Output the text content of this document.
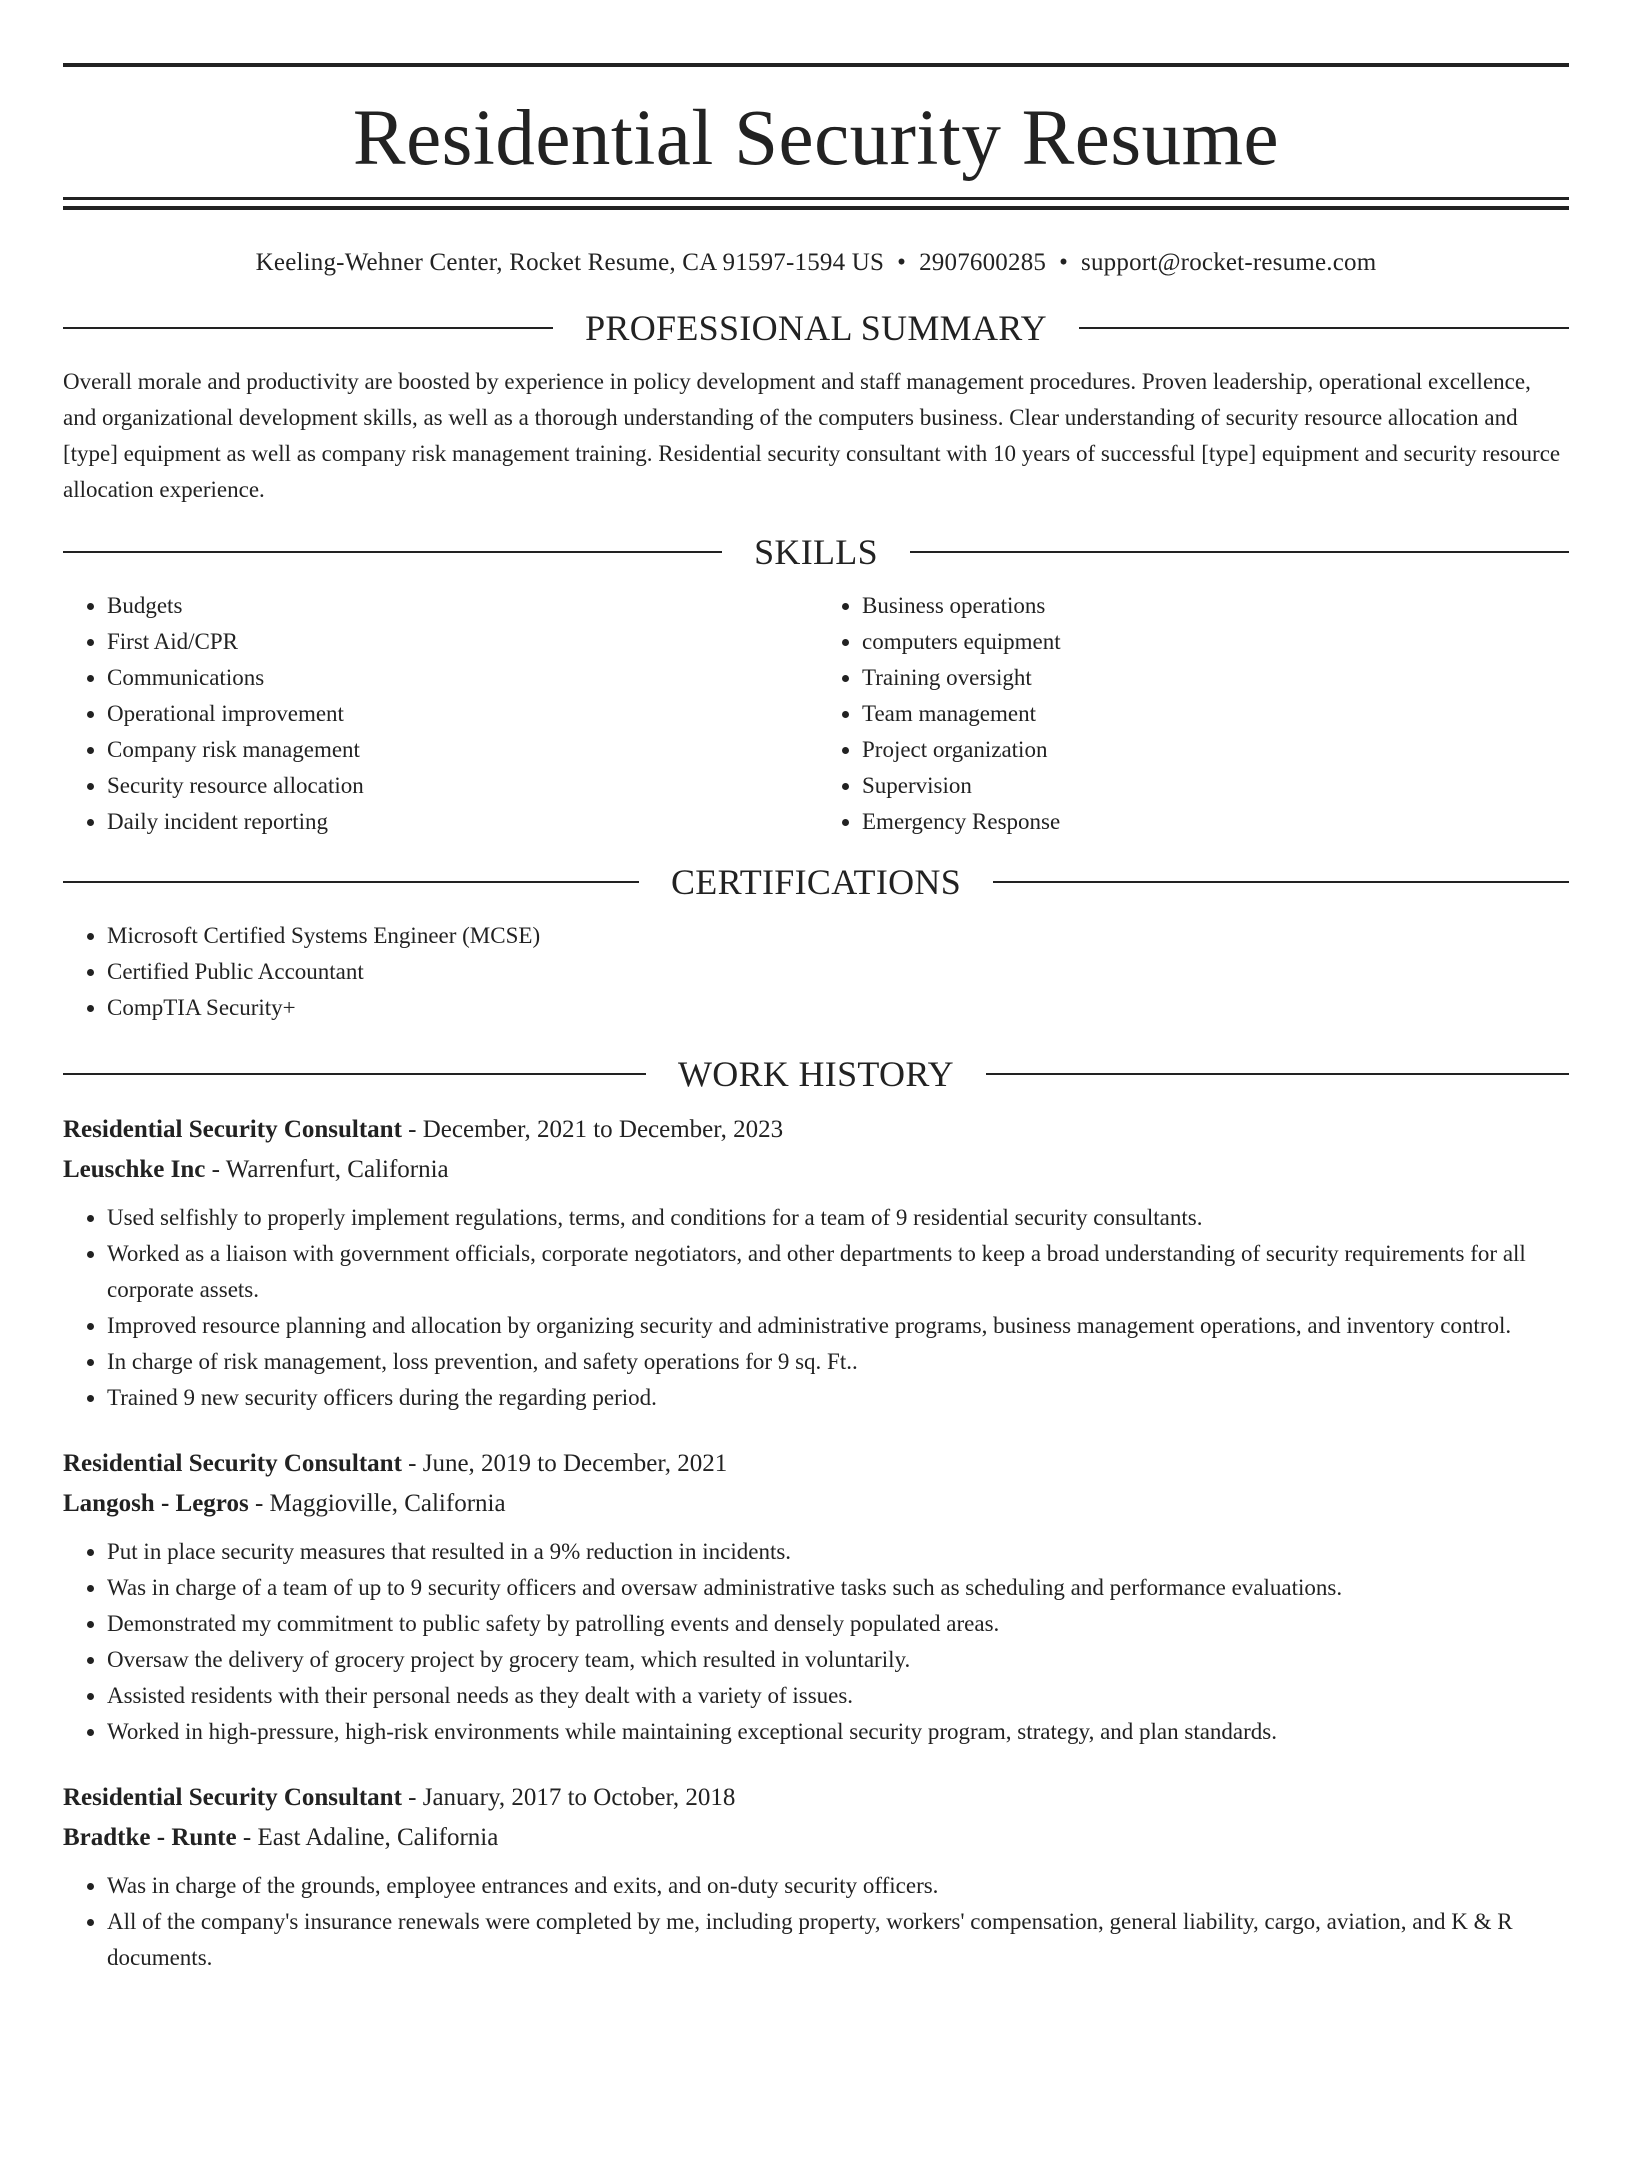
Residential Security Resume
Keeling-Wehner Center, Rocket Resume, CA 91597-1594 US • 2907600285 • support@rocket-resume.com
PROFESSIONAL SUMMARY

Overall morale and productivity are boosted by experience in policy development and staff management procedures. Proven leadership, operational excellence, and organizational development skills, as well as a thorough understanding of the computers business. Clear understanding of security resource allocation and [type] equipment as well as company risk management training. Residential security consultant with 10 years of successful [type] equipment and security resource allocation experience.

SKILLS
• Budgets
• First Aid/CPR
• Communications
• Operational improvement
• Company risk management
• Security resource allocation
• Daily incident reporting
• Business operations
• computers equipment
• Training oversight
• Team management
• Project organization
• Supervision
• Emergency Response
CERTIFICATIONS
• Microsoft Certified Systems Engineer (MCSE)
• Certified Public Accountant
• CompTIA Security+
WORK HISTORY
Residential Security Consultant - December, 2021 to December, 2023
Leuschke Inc - Warrenfurt, California
• Used selfishly to properly implement regulations, terms, and conditions for a team of 9 residential security consultants.
• Worked as a liaison with government officials, corporate negotiators, and other departments to keep a broad understanding of security requirements for all corporate assets.
• Improved resource planning and allocation by organizing security and administrative programs, business management operations, and inventory control.
• In charge of risk management, loss prevention, and safety operations for 9 sq. Ft..
• Trained 9 new security officers during the regarding period.
Residential Security Consultant - June, 2019 to December, 2021
Langosh - Legros - Maggioville, California
• Put in place security measures that resulted in a 9% reduction in incidents.
• Was in charge of a team of up to 9 security officers and oversaw administrative tasks such as scheduling and performance evaluations.
• Demonstrated my commitment to public safety by patrolling events and densely populated areas.
• Oversaw the delivery of grocery project by grocery team, which resulted in voluntarily.
• Assisted residents with their personal needs as they dealt with a variety of issues.
• Worked in high-pressure, high-risk environments while maintaining exceptional security program, strategy, and plan standards.
Residential Security Consultant - January, 2017 to October, 2018
Bradtke - Runte - East Adaline, California
• Was in charge of the grounds, employee entrances and exits, and on-duty security officers.
• All of the company's insurance renewals were completed by me, including property, workers' compensation, general liability, cargo, aviation, and K & R documents.
